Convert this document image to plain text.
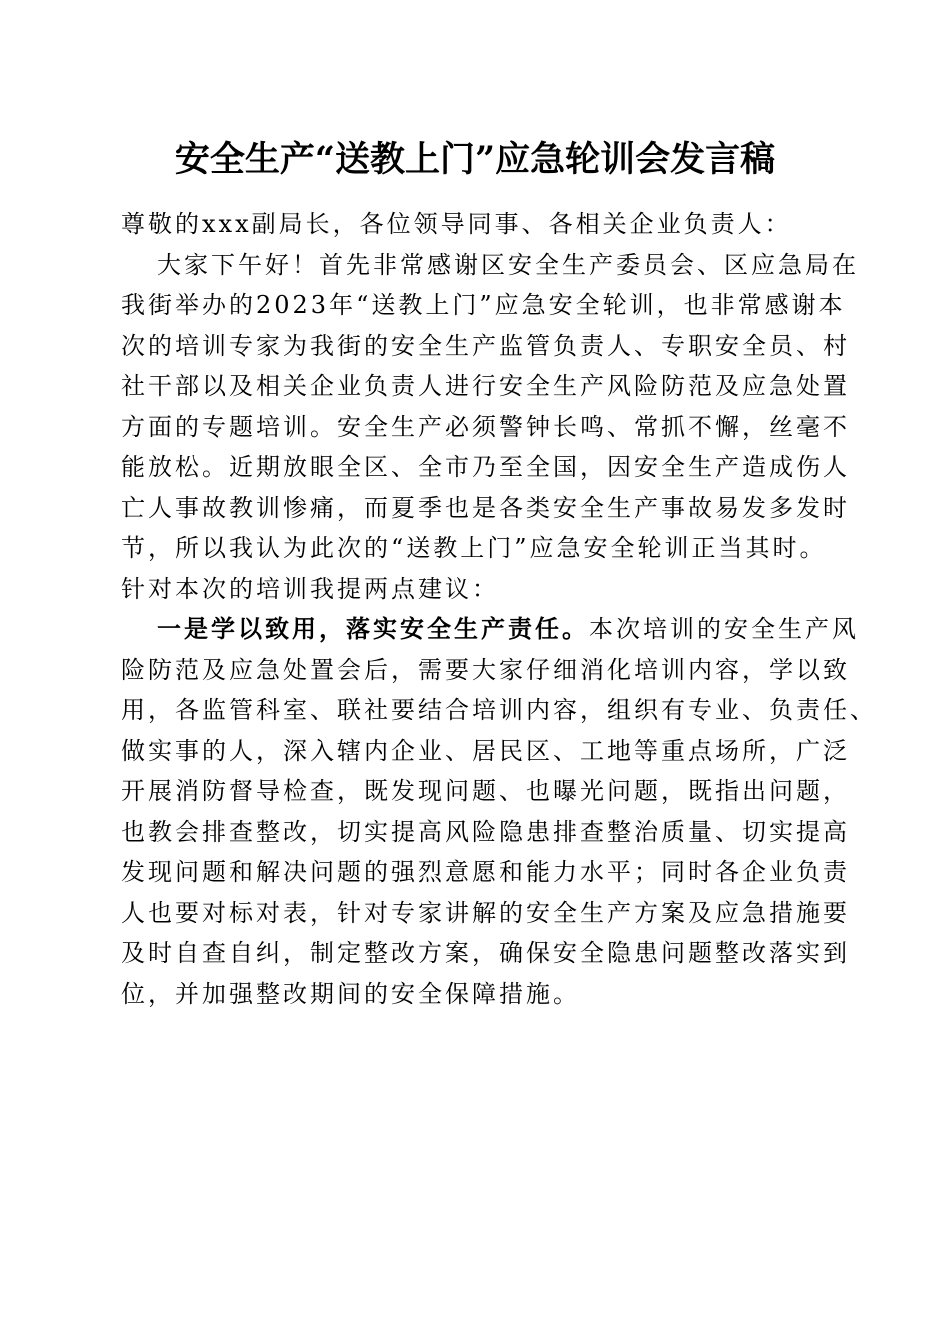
安全生产“送教上门”应急轮训会发言稿
尊敬的xxx副局长，各位领导同事、各相关企业负责人：
大家下午好！首先非常感谢区安全生产委员会、区应急局在
我街举办的2023年“送教上门”应急安全轮训，也非常感谢本
次的培训专家为我街的安全生产监管负责人、专职安全员、村
社干部以及相关企业负责人进行安全生产风险防范及应急处置
方面的专题培训。安全生产必须警钟长鸣、常抓不懈，丝毫不
能放松。近期放眼全区、全市乃至全国，因安全生产造成伤人
亡人事故教训惨痛，而夏季也是各类安全生产事故易发多发时
节，所以我认为此次的“送教上门”应急安全轮训正当其时。
针对本次的培训我提两点建议：
一是学以致用，落实安全生产责任。本次培训的安全生产风
险防范及应急处置会后，需要大家仔细消化培训内容，学以致
用，各监管科室、联社要结合培训内容，组织有专业、负责任、
做实事的人，深入辖内企业、居民区、工地等重点场所，广泛
开展消防督导检查，既发现问题、也曝光问题，既指出问题，
也教会排查整改，切实提高风险隐患排查整治质量、切实提高
发现问题和解决问题的强烈意愿和能力水平；同时各企业负责
人也要对标对表，针对专家讲解的安全生产方案及应急措施要
及时自查自纠，制定整改方案，确保安全隐患问题整改落实到
位，并加强整改期间的安全保障措施。
